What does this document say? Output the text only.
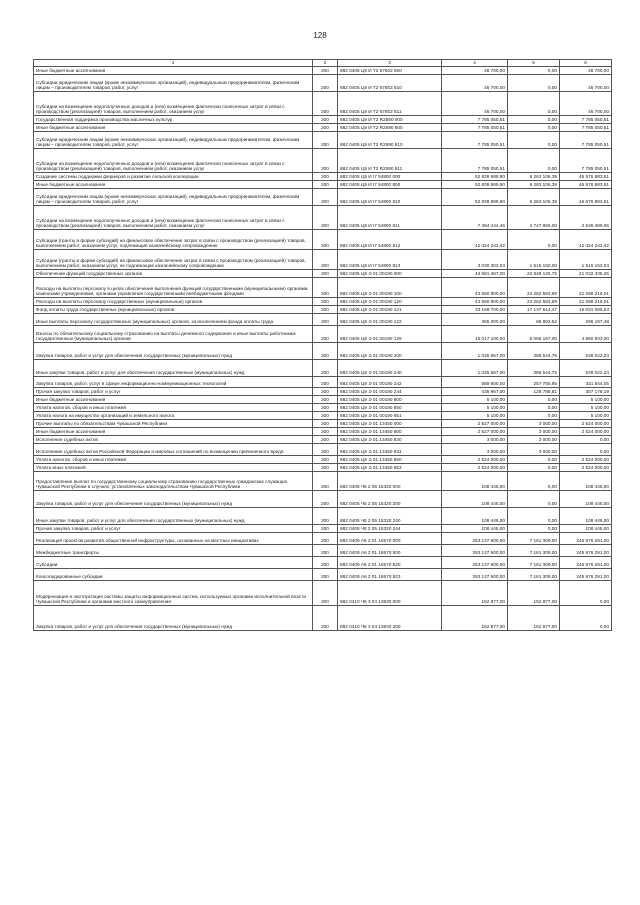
128
1	2	3	4	5	6
Иные бюджетные ассигнования	200	882 0405 Ц9 И Т2 67602 800	46 700,00	0,00	46 700,00
Субсидии юридическим лицам (кроме некоммерческих организаций), индивидуальным предпринимателям, физическим лицам – производителям товаров, работ, услуг	200	882 0405 Ц9 И Т2 67602 810	46 700,00	0,00	46 700,00
Субсидии на возмещение недополученных доходов и (или) возмещение фактически понесенных затрат в связи с производством (реализацией) товаров, выполнением работ, оказанием услуг	200	882 0405 Ц9 И Т2 67602 811	46 700,00	0,00	46 700,00
Государственная поддержка производства масличных культур	200	882 0405 Ц9 И Т2 R2590 000	7 785 050,51	0,00	7 785 050,51
Иные бюджетные ассигнования	200	882 0405 Ц9 И Т2 R2590 800	7 785 050,51	0,00	7 785 050,51
Субсидии юридическим лицам (кроме некоммерческих организаций), индивидуальным предпринимателям, физическим лицам – производителям товаров, работ, услуг	200	882 0405 Ц9 И Т2 R2590 810	7 785 050,51	0,00	7 785 050,51
Субсидии на возмещение недополученных доходов и (или) возмещение фактически понесенных затрат в связи с производством (реализацией) товаров, выполнением работ, оказанием услуг	200	882 0405 Ц9 И Т2 R2590 811	7 785 050,51	0,00	7 785 050,51
Создание системы поддержки фермеров и развитие сельской кооперации	200	882 0405 Ц9 И I7 54800 000	52 839 989,90	6 263 106,39	46 576 883,51
Иные бюджетные ассигнования	200	882 0405 Ц9 И I7 54800 800	52 839 989,90	6 263 106,39	46 576 883,51
Субсидии юридическим лицам (кроме некоммерческих организаций), индивидуальным предпринимателям, физическим лицам – производителям товаров, работ, услуг	200	882 0405 Ц9 И I7 54800 810	52 839 989,90	6 263 106,39	46 576 883,51
Субсидии на возмещение недополученных доходов и (или) возмещение фактически понесенных затрат в связи с производством (реализацией) товаров, выполнением работ, оказанием услуг	200	882 0405 Ц9 И I7 54800 811	7 384 444,46	4 747 955,00	2 636 489,06
Субсидии (гранты в форме субсидий) на финансовое обеспечение затрат в связи с производством (реализацией) товаров, выполнением работ, оказанием услуг, подлежащие казначейскому сопровождению	200	882 0405 Ц9 И I7 54800 812	42 424 242,42	0,00	42 424 242,42
Субсидии (гранты в форме субсидий) на финансовое обеспечение затрат в связи с производством (реализацией) товаров, выполнением работ, оказанием услуг, не подлежащие казначейскому сопровождению	200	882 0405 Ц9 И I7 54800 813	3 030 303,03	1 515 150,00	1 515 153,03
Обеспечение функций государственных органов	200	882 0405 Ц9 Э 01 00190 000	44 581 467,00	22 849 125,75	21 032 335,25
Расходы на выплаты персоналу в целях обеспечения выполнения функций государственными (муниципальными) органами, казенными учреждениями, органами управления государственными внебюджетными фондами	200	882 0405 Ц9 Э 01 00190 100	43 550 800,00	22 262 583,99	21 288 216,01
Расходы на выплаты персоналу государственных (муниципальных) органов	200	882 0405 Ц9 Э 01 00190 120	43 550 800,00	22 262 583,99	21 288 216,01
Фонд оплаты труда государственных (муниципальных) органов	200	882 0405 Ц9 Э 01 00190 121	33 168 700,00	17 137 614,47	16 031 085,53
Иные выплаты персоналу государственных (муниципальных) органов, за исключением фонда оплаты труда	200	882 0405 Ц9 Э 01 00190 122	365 000,00	68 802,52	296 197,48
Взносы по обязательному социальному страхованию на выплаты денежного содержания и иные выплаты работникам государственных (муниципальных) органов	200	882 0405 Ц9 Э 01 00190 129	10 017 100,00	5 056 167,00	4 960 933,00
Закупка товаров, работ и услуг для обеспечения государственных (муниципальных) нужд	200	882 0405 Ц9 Э 01 00190 200	1 025 567,00	386 544,76	639 022,24
Иные закупки товаров, работ и услуг для обеспечения государственных (муниципальных) нужд	200	882 0405 Ц9 Э 01 00190 240	1 025 567,00	386 544,76	639 022,24
Закупка товаров, работ, услуг в сфере информационно-коммуникационных технологий	200	882 0405 Ц9 Э 01 00190 242	589 600,00	257 755,95	331 844,05
Прочая закупка товаров, работ и услуг	200	882 0405 Ц9 Э 01 00190 244	435 967,00	128 788,81	307 178,19
Иные бюджетные ассигнования	200	882 0405 Ц9 Э 01 00190 800	5 100,00	0,00	5 100,00
Уплата налогов, сборов и иных платежей	200	882 0405 Ц9 Э 01 00190 850	5 100,00	0,00	5 100,00
Уплата налога на имущество организаций и земельного налога	200	882 0405 Ц9 Э 01 00190 851	5 100,00	0,00	5 100,00
Прочие выплаты по обязательствам Чувашской Республики	200	882 0405 Ц9 Э 01 13450 000	2 527 000,00	3 000,00	2 524 000,00
Иные бюджетные ассигнования	200	882 0405 Ц9 Э 01 13450 800	2 527 000,00	3 000,00	2 524 000,00
Исполнение судебных актов	200	882 0405 Ц9 Э 01 13450 830	3 000,00	3 000,00	0,00
Исполнение судебных актов Российской Федерации и мировых соглашений по возмещению причиненного вреда	200	882 0405 Ц9 Э 01 13450 831	3 000,00	3 000,00	0,00
Уплата налогов, сборов и иных платежей	200	882 0405 Ц9 Э 01 13450 850	2 524 000,00	0,00	2 524 000,00
Уплата иных платежей	200	882 0405 Ц9 Э 01 13450 853	2 524 000,00	0,00	2 524 000,00
Предоставление выплат по государственному социальному страхованию государственных гражданских служащих Чувашской Республики в случаях, установленных законодательством Чувашской Республики	200	882 0405 Ч5 2 05 15320 000	108 445,00	0,00	108 445,00
Закупка товаров, работ и услуг для обеспечения государственных (муниципальных) нужд	200	882 0405 Ч5 2 05 15320 200	108 445,00	0,00	108 445,00
Иные закупки товаров, работ и услуг для обеспечения государственных (муниципальных) нужд	200	882 0405 Ч5 2 05 15320 240	108 445,00	0,00	108 445,00
Прочая закупка товаров, работ и услуг	200	882 0405 Ч5 2 05 15320 244	108 445,00	0,00	108 445,00
Реализация проектов развития общественной инфраструктуры, основанных на местных инициативах	200	882 0409 А6 2 01 16570 000	253 137 600,00	7 161 309,00	245 976 291,00
Межбюджетные трансферты	200	882 0409 А6 2 01 16570 500	253 137 600,00	7 161 309,00	245 976 291,00
Субсидии	200	882 0409 А6 2 01 16570 520	253 137 600,00	7 161 309,00	245 976 291,00
Консолидированные субсидии	200	882 0409 А6 2 01 16570 523	253 137 600,00	7 161 309,00	245 976 291,00
Модернизация и эксплуатация системы защиты информационных систем, используемых органами исполнительной власти Чувашской Республики и органами местного самоуправления	200	882 0410 Ч6 3 04 13830 000	152 877,00	152 877,00	0,00
Закупка товаров, работ и услуг для обеспечения государственных (муниципальных) нужд	200	882 0410 Ч6 3 04 13830 200	152 877,00	152 877,00	0,00
